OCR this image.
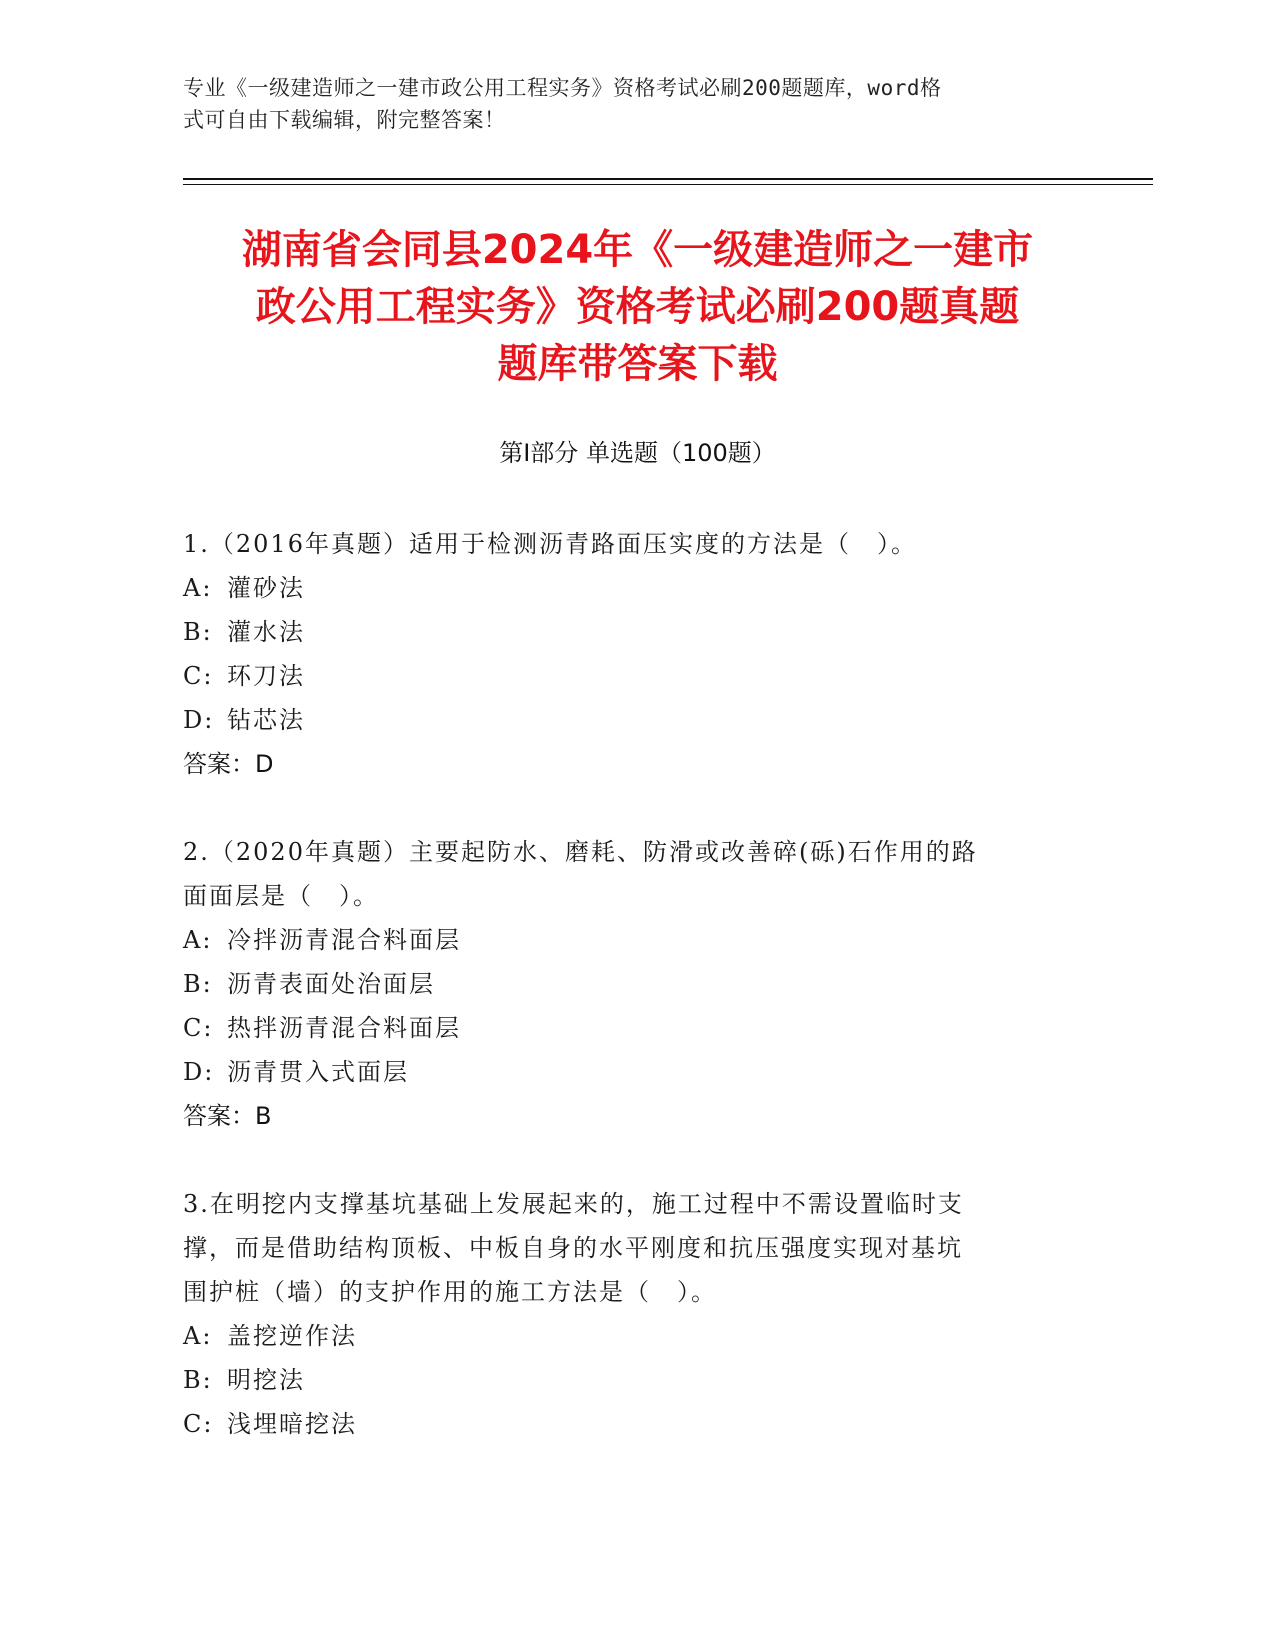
专业《一级建造师之一建市政公用工程实务》资格考试必刷200题题库，word格
式可自由下载编辑，附完整答案！
湖南省会同县2024年《一级建造师之一建市
政公用工程实务》资格考试必刷200题真题
题库带答案下载
第Ⅰ部分 单选题（100题）
1.（2016年真题）适用于检测沥青路面压实度的方法是（　）。
A: 灌砂法
B: 灌水法
C: 环刀法
D: 钻芯法
答案：D
2.（2020年真题）主要起防水、磨耗、防滑或改善碎(砾)石作用的路
面面层是（　）。
A: 冷拌沥青混合料面层
B: 沥青表面处治面层
C: 热拌沥青混合料面层
D: 沥青贯入式面层
答案：B
3.在明挖内支撑基坑基础上发展起来的，施工过程中不需设置临时支
撑，而是借助结构顶板、中板自身的水平刚度和抗压强度实现对基坑
围护桩（墙）的支护作用的施工方法是（　）。
A: 盖挖逆作法
B: 明挖法
C: 浅埋暗挖法
